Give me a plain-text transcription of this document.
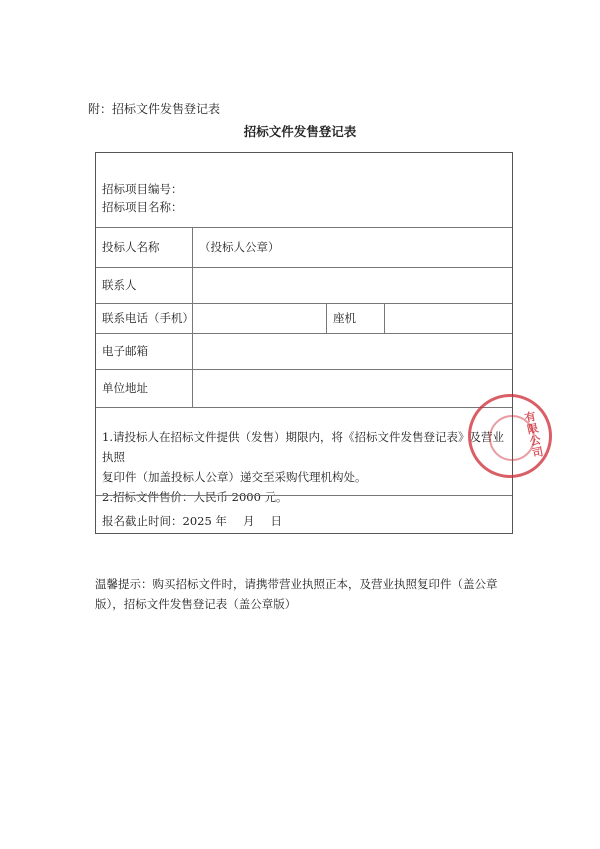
附：招标文件发售登记表
招标文件发售登记表
招标项目编号：
招标项目名称：
投标人名称	（投标人公章）
联系人
联系电话（手机）	座机
电子邮箱
单位地址
1.请投标人在招标文件提供（发售）期限内，将《招标文件发售登记表》及营业执照
复印件（加盖投标人公章）递交至采购代理机构处。
2.招标文件售价：人民币 2000 元。
报名截止时间：2025 年 月 日
有限公司
温馨提示：购买招标文件时，请携带营业执照正本，及营业执照复印件（盖公章版），招标文件发售登记表（盖公章版）
